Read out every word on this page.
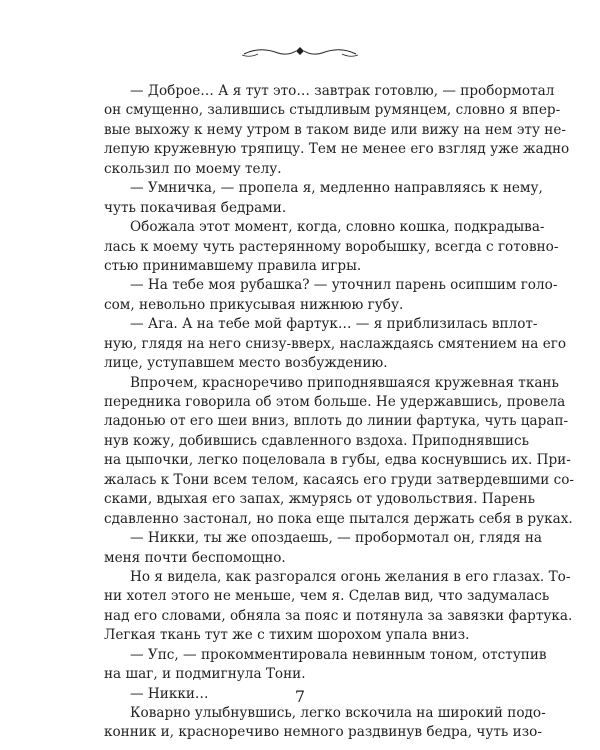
— Доброе… А я тут это… завтрак готовлю, — пробормотал
он смущенно, залившись стыдливым румянцем, словно я впер-
вые выхожу к нему утром в таком виде или вижу на нем эту не-
лепую кружевную тряпицу. Тем не менее его взгляд уже жадно
скользил по моему телу.
— Умничка, — пропела я, медленно направляясь к нему,
чуть покачивая бедрами.
Обожала этот момент, когда, словно кошка, подкрадыва-
лась к моему чуть растерянному воробышку, всегда с готовно-
стью принимавшему правила игры.
— На тебе моя рубашка? — уточнил парень осипшим голо-
сом, невольно прикусывая нижнюю губу.
— Ага. А на тебе мой фартук… — я приблизилась вплот-
ную, глядя на него снизу-вверх, наслаждаясь смятением на его
лице, уступавшем место возбуждению.
Впрочем, красноречиво приподнявшаяся кружевная ткань
передника говорила об этом больше. Не удержавшись, провела
ладонью от его шеи вниз, вплоть до линии фартука, чуть царап-
нув кожу, добившись сдавленного вздоха. Приподнявшись
на цыпочки, легко поцеловала в губы, едва коснувшись их. При-
жалась к Тони всем телом, касаясь его груди затвердевшими со-
сками, вдыхая его запах, жмурясь от удовольствия. Парень
сдавленно застонал, но пока еще пытался держать себя в руках.
— Никки, ты же опоздаешь, — пробормотал он, глядя на
меня почти беспомощно.
Но я видела, как разгорался огонь желания в его глазах. То-
ни хотел этого не меньше, чем я. Сделав вид, что задумалась
над его словами, обняла за пояс и потянула за завязки фартука.
Легкая ткань тут же с тихим шорохом упала вниз.
— Упс, — прокомментировала невинным тоном, отступив
на шаг, и подмигнула Тони.
— Никки…
Коварно улыбнувшись, легко вскочила на широкий подо-
конник и, красноречиво немного раздвинув бедра, чуть изо-
7
